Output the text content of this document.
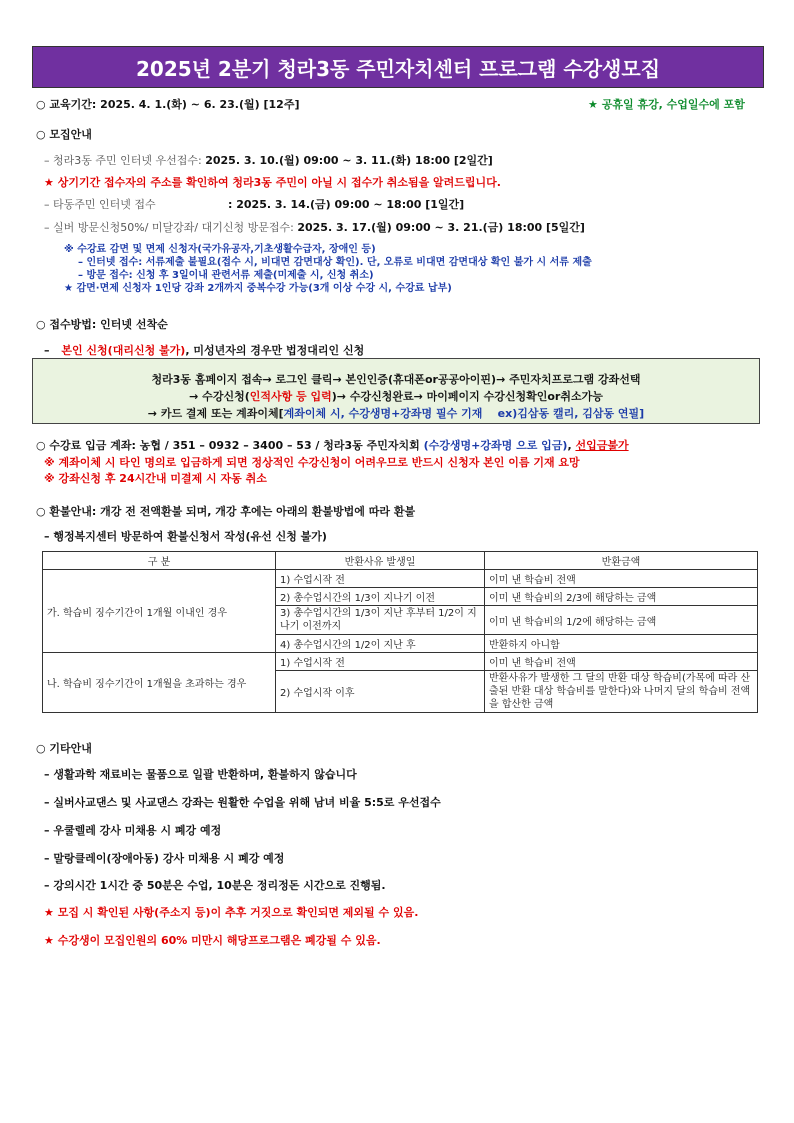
2025년 2분기 청라3동 주민자치센터 프로그램 수강생모집
○ 교육기간: 2025. 4. 1.(화) ~ 6. 23.(월) [12주]	★ 공휴일 휴강, 수업일수에 포함
○ 모집안내
– 청라3동 주민 인터넷 우선접수: 2025. 3. 10.(월) 09:00 ~ 3. 11.(화) 18:00 [2일간]
★ 상기기간 접수자의 주소를 확인하여 청라3동 주민이 아닐 시 접수가 취소됨을 알려드립니다.
– 타동주민 인터넷 접수	: 2025. 3. 14.(금) 09:00 ~ 18:00 [1일간]
– 실버 방문신청50%/ 미달강좌/ 대기신청 방문접수: 2025. 3. 17.(월) 09:00 ~ 3. 21.(금) 18:00 [5일간]
※ 수강료 감면 및 면제 신청자(국가유공자,기초생활수급자, 장애인 등)
– 인터넷 접수: 서류제출 불필요(접수 시, 비대면 감면대상 확인). 단, 오류로 비대면 감면대상 확인 불가 시 서류 제출
– 방문 접수: 신청 후 3일이내 관련서류 제출(미제출 시, 신청 취소)
★ 감면·면제 신청자 1인당 강좌 2개까지 중복수강 가능(3개 이상 수강 시, 수강료 납부)
○ 접수방법: 인터넷 선착순
– 본인 신청(대리신청 불가), 미성년자의 경우만 법정대리인 신청
청라3동 홈페이지 접속→ 로그인 클릭→ 본인인증(휴대폰or공공아이핀)→ 주민자치프로그램 강좌선택
→ 수강신청(인적사항 등 입력)→ 수강신청완료→ 마이페이지 수강신청확인or취소가능
→ 카드 결제 또는 계좌이체[계좌이체 시, 수강생명+강좌명 필수 기재    ex)김삼동 캘리, 김삼동 연필]
○ 수강료 입금 계좌: 농협 / 351 – 0932 – 3400 – 53 / 청라3동 주민자치회 (수강생명+강좌명 으로 입금), 선입금불가
※ 계좌이체 시 타인 명의로 입금하게 되면 정상적인 수강신청이 어려우므로 반드시 신청자 본인 이름 기재 요망
※ 강좌신청 후 24시간내 미결제 시 자동 취소
○ 환불안내: 개강 전 전액환불 되며, 개강 후에는 아래의 환불방법에 따라 환불
– 행정복지센터 방문하여 환불신청서 작성(유선 신청 불가)
구 분	반환사유 발생일	반환금액
가. 학습비 징수기간이 1개월 이내인 경우	1) 수업시작 전	이미 낸 학습비 전액
	2) 총수업시간의 1/3이 지나기 이전	이미 낸 학습비의 2/3에 해당하는 금액
	3) 총수업시간의 1/3이 지난 후부터 1/2이 지나기 이전까지	이미 낸 학습비의 1/2에 해당하는 금액
	4) 총수업시간의 1/2이 지난 후	반환하지 아니함
나. 학습비 징수기간이 1개월을 초과하는 경우	1) 수업시작 전	이미 낸 학습비 전액
	2) 수업시작 이후	반환사유가 발생한 그 달의 반환 대상 학습비(가목에 따라 산출된 반환 대상 학습비를 말한다)와 나머지 달의 학습비 전액을 합산한 금액
○ 기타안내
– 생활과학 재료비는 물품으로 일괄 반환하며, 환불하지 않습니다
– 실버사교댄스 및 사교댄스 강좌는 원활한 수업을 위해 남녀 비율 5:5로 우선접수
– 우쿨렐레 강사 미채용 시 폐강 예정
– 말랑클레이(장애아동) 강사 미채용 시 폐강 예정
– 강의시간 1시간 중 50분은 수업, 10분은 정리정돈 시간으로 진행됨.
★ 모집 시 확인된 사항(주소지 등)이 추후 거짓으로 확인되면 제외될 수 있음.
★ 수강생이 모집인원의 60% 미만시 해당프로그램은 폐강될 수 있음.
